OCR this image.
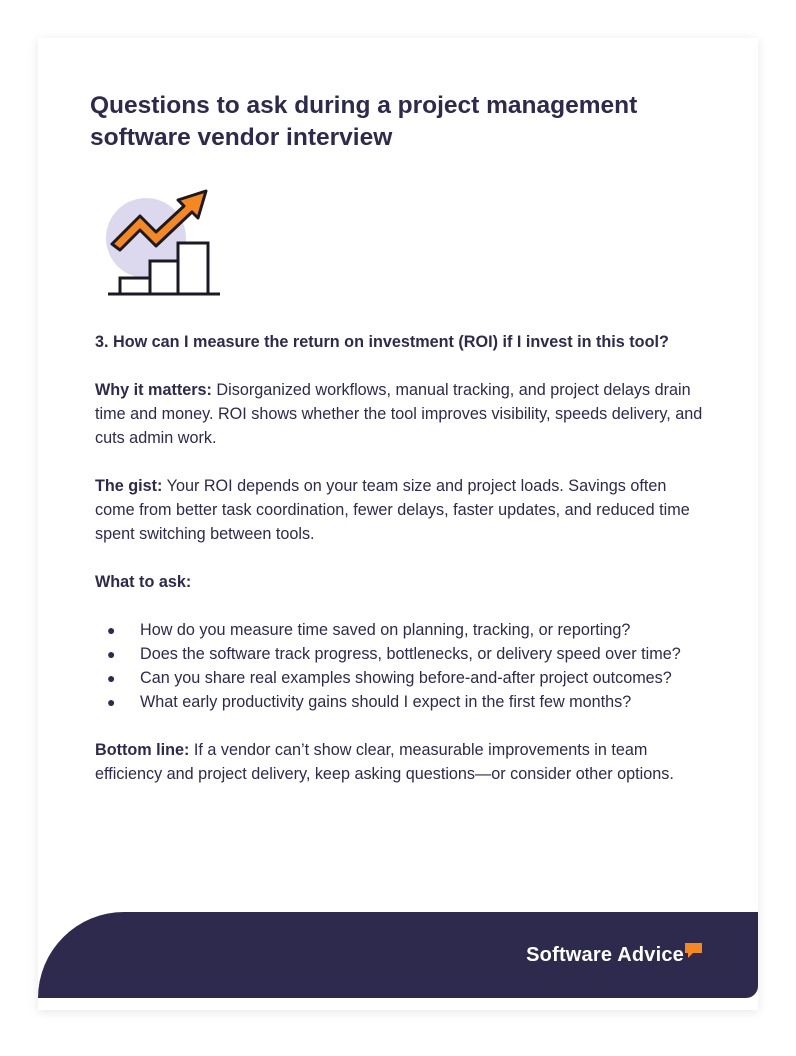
Questions to ask during a project management software vendor interview

3. How can I measure the return on investment (ROI) if I invest in this tool?

Why it matters: Disorganized workflows, manual tracking, and project delays drain time and money. ROI shows whether the tool improves visibility, speeds delivery, and cuts admin work.

The gist: Your ROI depends on your team size and project loads. Savings often come from better task coordination, fewer delays, faster updates, and reduced time spent switching between tools.

What to ask:

● How do you measure time saved on planning, tracking, or reporting?
● Does the software track progress, bottlenecks, or delivery speed over time?
● Can you share real examples showing before-and-after project outcomes?
● What early productivity gains should I expect in the first few months?

Bottom line: If a vendor can’t show clear, measurable improvements in team efficiency and project delivery, keep asking questions—or consider other options.

Software Advice
